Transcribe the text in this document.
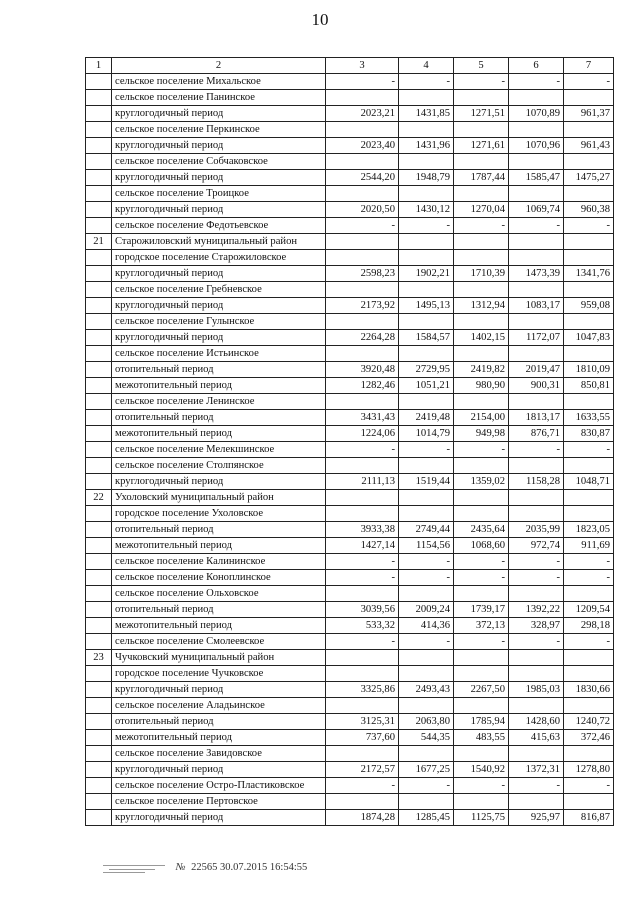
10
1	2	3	4	5	6	7
	сельское поселение Михальское	-	-	-	-	-
	сельское поселение Панинское					
	круглогодичный период	2023,21	1431,85	1271,51	1070,89	961,37
	сельское поселение Перкинское					
	круглогодичный период	2023,40	1431,96	1271,61	1070,96	961,43
	сельское поселение Собчаковское					
	круглогодичный период	2544,20	1948,79	1787,44	1585,47	1475,27
	сельское поселение Троицкое					
	круглогодичный период	2020,50	1430,12	1270,04	1069,74	960,38
	сельское поселение Федотьевское	-	-	-	-	-
21	Старожиловский муниципальный район					
	городское поселение Старожиловское					
	круглогодичный период	2598,23	1902,21	1710,39	1473,39	1341,76
	сельское поселение Гребневское					
	круглогодичный период	2173,92	1495,13	1312,94	1083,17	959,08
	сельское поселение Гулынское					
	круглогодичный период	2264,28	1584,57	1402,15	1172,07	1047,83
	сельское поселение Истьинское					
	отопительный период	3920,48	2729,95	2419,82	2019,47	1810,09
	межотопительный период	1282,46	1051,21	980,90	900,31	850,81
	сельское поселение Ленинское					
	отопительный период	3431,43	2419,48	2154,00	1813,17	1633,55
	межотопительный период	1224,06	1014,79	949,98	876,71	830,87
	сельское поселение Мелекшинское	-	-	-	-	-
	сельское поселение Столпянское					
	круглогодичный период	2111,13	1519,44	1359,02	1158,28	1048,71
22	Ухоловский муниципальный район					
	городское поселение Ухоловское					
	отопительный период	3933,38	2749,44	2435,64	2035,99	1823,05
	межотопительный период	1427,14	1154,56	1068,60	972,74	911,69
	сельское поселение Калининское	-	-	-	-	-
	сельское поселение Коноплинское	-	-	-	-	-
	сельское поселение Ольховское					
	отопительный период	3039,56	2009,24	1739,17	1392,22	1209,54
	межотопительный период	533,32	414,36	372,13	328,97	298,18
	сельское поселение Смолеевское	-	-	-	-	-
23	Чучковский муниципальный район					
	городское поселение Чучковское					
	круглогодичный период	3325,86	2493,43	2267,50	1985,03	1830,66
	сельское поселение Аладьинское					
	отопительный период	3125,31	2063,80	1785,94	1428,60	1240,72
	межотопительный период	737,60	544,35	483,55	415,63	372,46
	сельское поселение Завидовское					
	круглогодичный период	2172,57	1677,25	1540,92	1372,31	1278,80
	сельское поселение Остро-Пластиковское	-	-	-	-	-
	сельское поселение Пертовское					
	круглогодичный период	1874,28	1285,45	1125,75	925,97	816,87
№ 22565 30.07.2015 16:54:55
